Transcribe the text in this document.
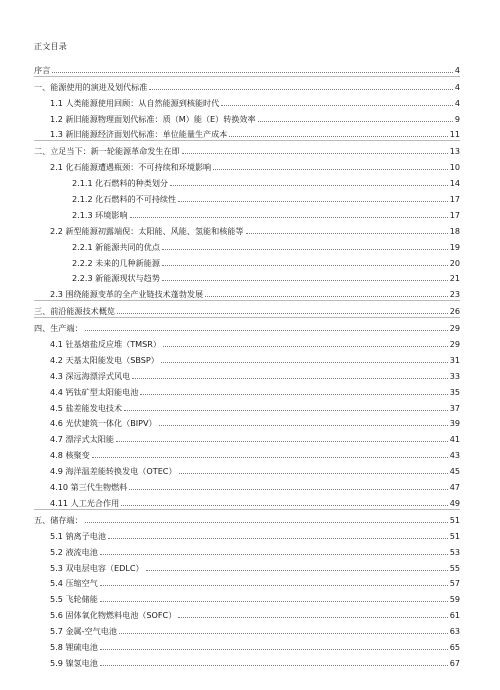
正文目录
序言	4
一、能源使用的演进及划代标准	4
1.1 人类能源使用回顾：从自然能源到核能时代	4
1.2 新旧能源物理面划代标准：质（M）能（E）转换效率	9
1.3 新旧能源经济面划代标准：单位能量生产成本	11
二、立足当下：新一轮能源革命发生在即	13
2.1 化石能源遭遇瓶颈：不可持续和环境影响	10
2.1.1 化石燃料的种类划分	14
2.1.2 化石燃料的不可持续性	17
2.1.3 环境影响	17
2.2 新型能源初露端倪：太阳能、风能、氢能和核能等	18
2.2.1 新能源共同的优点	19
2.2.2 未来的几种新能源	20
2.2.3 新能源现状与趋势	21
2.3 围绕能源变革的全产业链技术蓬勃发展	23
三、前沿能源技术概览	26
四、生产端：	29
4.1 钍基熔盐反应堆（TMSR）	29
4.2 天基太阳能发电（SBSP）	31
4.3 深远海漂浮式风电	33
4.4 钙钛矿型太阳能电池	35
4.5 盐差能发电技术	37
4.6 光伏建筑一体化（BIPV）	39
4.7 漂浮式太阳能	41
4.8 核聚变	43
4.9 海洋温差能转换发电（OTEC）	45
4.10 第三代生物燃料	47
4.11 人工光合作用	49
五、储存端：	51
5.1 钠离子电池	51
5.2 液流电池	53
5.3 双电层电容（EDLC）	55
5.4 压缩空气	57
5.5 飞轮储能	59
5.6 固体氧化物燃料电池（SOFC）	61
5.7 金属-空气电池	63
5.8 锂硫电池	65
5.9 镍氢电池	67
